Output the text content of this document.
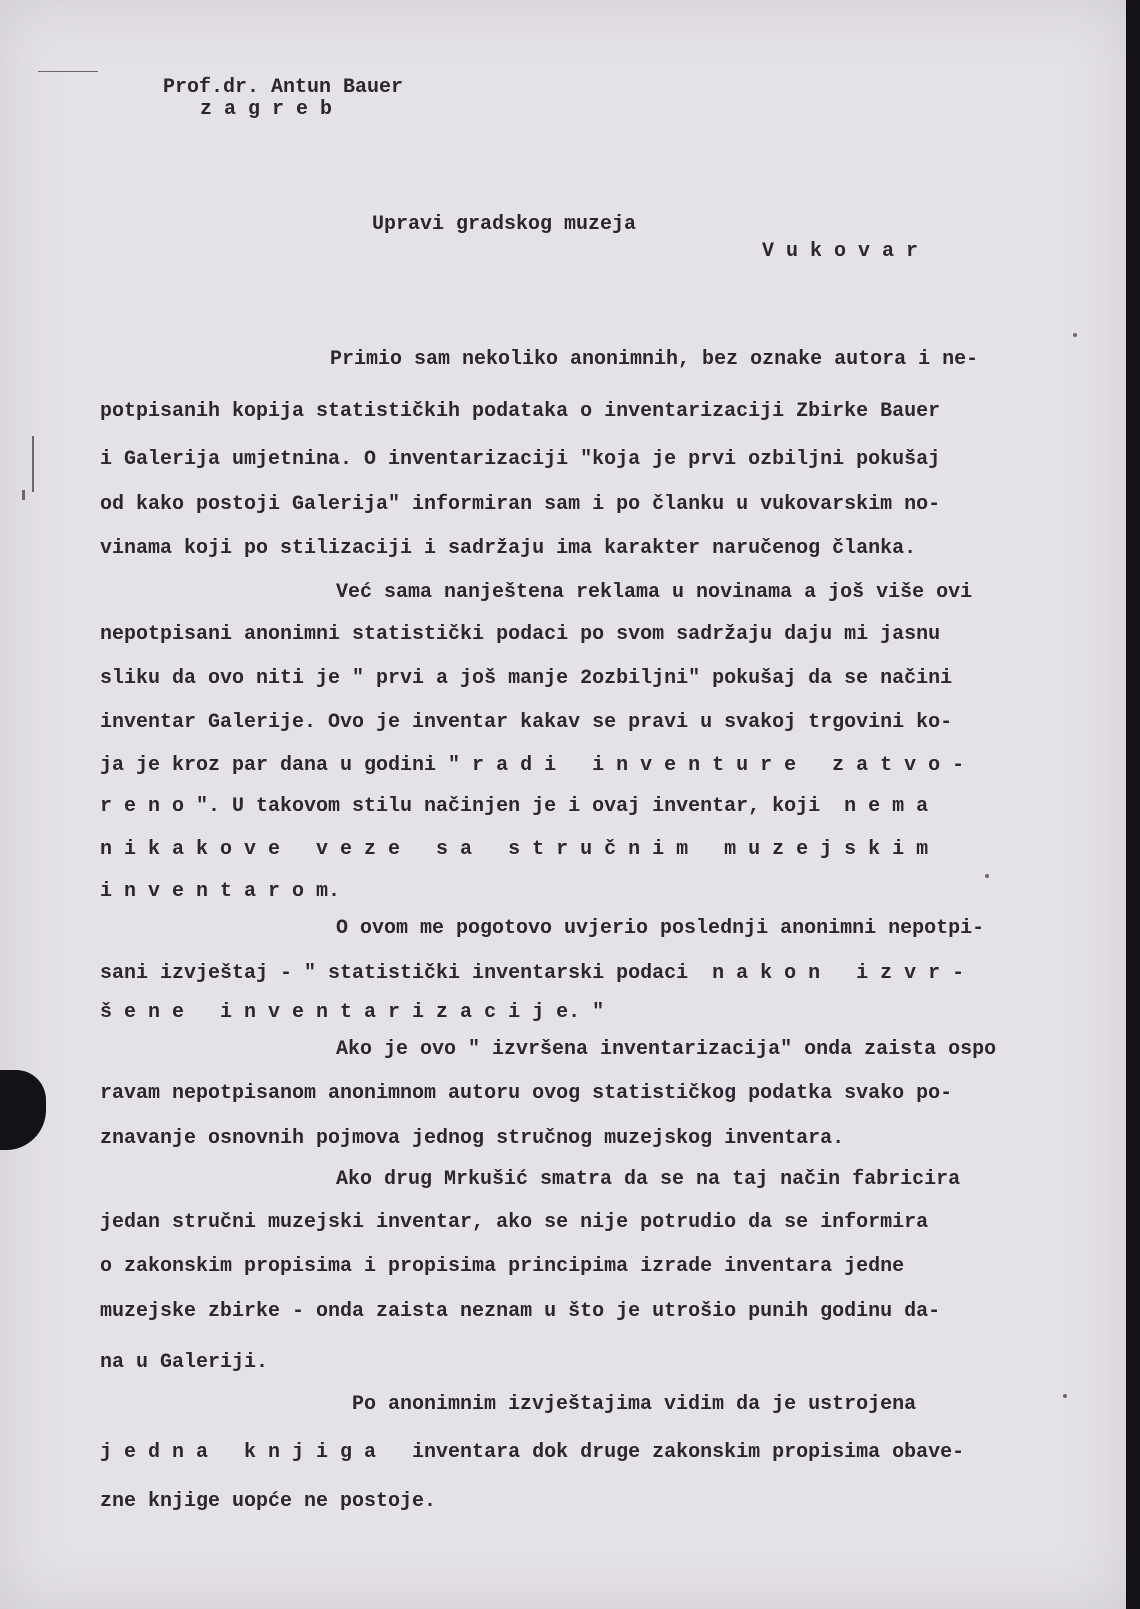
Prof.dr. Antun Bauer
z a g r e b
Upravi gradskog muzeja
V u k o v a r
Primio sam nekoliko anonimnih, bez oznake autora i ne-
potpisanih kopija statističkih podataka o inventarizaciji Zbirke Bauer
i Galerija umjetnina. O inventarizaciji "koja je prvi ozbiljni pokušaj
od kako postoji Galerija" informiran sam i po članku u vukovarskim no-
vinama koji po stilizaciji i sadržaju ima karakter naručenog članka.
Već sama nanještena reklama u novinama a još više ovi
nepotpisani anonimni statistički podaci po svom sadržaju daju mi jasnu
sliku da ovo niti je " prvi a još manje 2ozbiljni" pokušaj da se načini
inventar Galerije. Ovo je inventar kakav se pravi u svakoj trgovini ko-
ja je kroz par dana u godini " r a d i   i n v e n t u r e   z a t v o -
r e n o ". U takovom stilu načinjen je i ovaj inventar, koji  n e m a
n i k a k o v e   v e z e   s a   s t r u č n i m   m u z e j s k i m
i n v e n t a r o m.
O ovom me pogotovo uvjerio poslednji anonimni nepotpi-
sani izvještaj - " statistički inventarski podaci  n a k o n   i z v r -
š e n e   i n v e n t a r i z a c i j e. "
Ako je ovo " izvršena inventarizacija" onda zaista ospo
ravam nepotpisanom anonimnom autoru ovog statističkog podatka svako po-
znavanje osnovnih pojmova jednog stručnog muzejskog inventara.
Ako drug Mrkušić smatra da se na taj način fabricira
jedan stručni muzejski inventar, ako se nije potrudio da se informira
o zakonskim propisima i propisima principima izrade inventara jedne
muzejske zbirke - onda zaista neznam u što je utrošio punih godinu da-
na u Galeriji.
Po anonimnim izvještajima vidim da je ustrojena
j e d n a   k n j i g a   inventara dok druge zakonskim propisima obave-
zne knjige uopće ne postoje.
